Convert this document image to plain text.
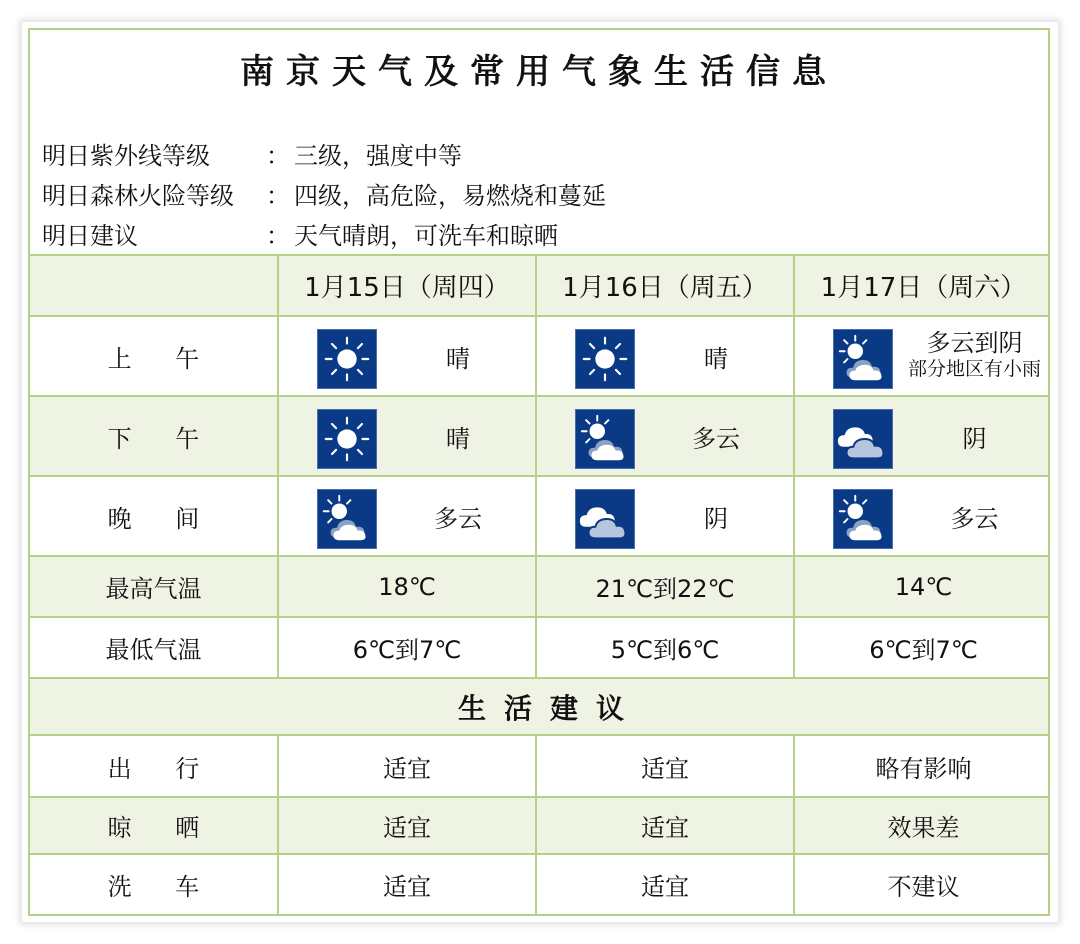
南京天气及常用气象生活信息
明日紫外线等级 ： 三级，强度中等
明日森林火险等级 ： 四级，高危险，易燃烧和蔓延
明日建议	： 天气晴朗，可洗车和晾晒
	1月15日（周四）	1月16日（周五）	1月17日（周六）
上 午	晴	晴	多云到阴
部分地区有小雨

下 午	晴	多云	阴

晚 间	多云	阴	多云

最高气温	18℃	21℃到22℃	14℃
最低气温	6℃到7℃	5℃到6℃	6℃到7℃
生活建议			
出 行	适宜	适宜	略有影响
晾 晒	适宜	适宜	效果差
洗 车	适宜	适宜	不建议
